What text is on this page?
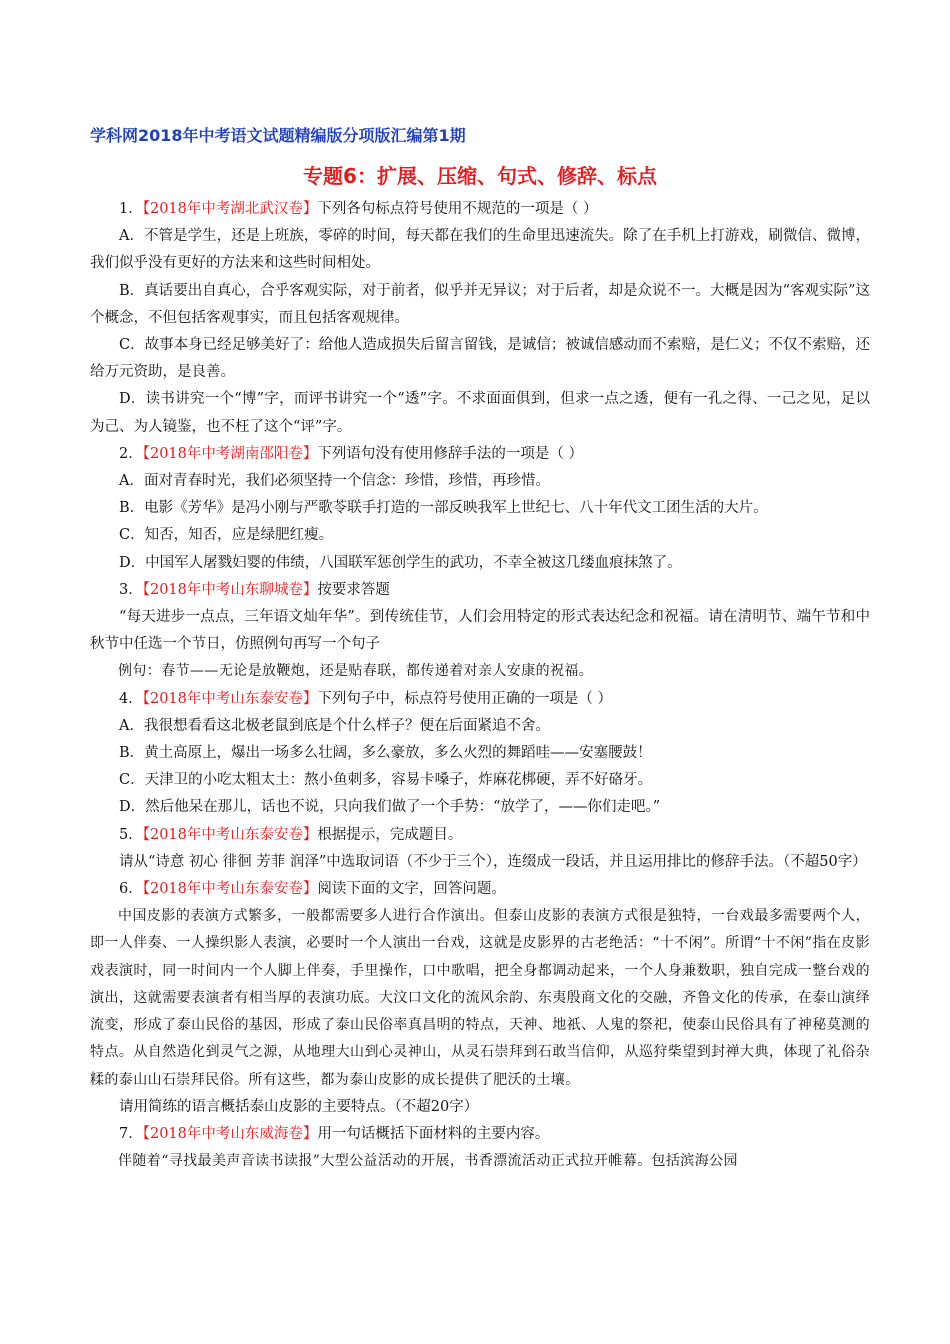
学科网2018年中考语文试题精编版分项版汇编第1期
专题6：扩展、压缩、句式、修辞、标点

1．【2018年中考湖北武汉卷】下列各句标点符号使用不规范的一项是（ ）

A．不管是学生，还是上班族，零碎的时间，每天都在我们的生命里迅速流失。除了在手机上打游戏，刷微信、微博，我们似乎没有更好的方法来和这些时间相处。

B．真话要出自真心，合乎客观实际，对于前者，似乎并无异议；对于后者，却是众说不一。大概是因为“客观实际”这个概念，不但包括客观事实，而且包括客观规律。

C．故事本身已经足够美好了：给他人造成损失后留言留钱，是诚信；被诚信感动而不索赔，是仁义；不仅不索赔，还给万元资助，是良善。

D．读书讲究一个“博”字，而评书讲究一个“透”字。不求面面俱到，但求一点之透，便有一孔之得、一己之见，足以为己、为人镜鉴，也不枉了这个“评”字。

2．【2018年中考湖南邵阳卷】下列语句没有使用修辞手法的一项是（ ）

A．面对青春时光，我们必须坚持一个信念：珍惜，珍惜，再珍惜。

B．电影《芳华》是冯小刚与严歌苓联手打造的一部反映我军上世纪七、八十年代文工团生活的大片。

C．知否，知否，应是绿肥红瘦。

D．中国军人屠戮妇婴的伟绩，八国联军惩创学生的武功，不幸全被这几缕血痕抹煞了。

3．【2018年中考山东聊城卷】按要求答题

“每天进步一点点，三年语文灿年华”。到传统佳节，人们会用特定的形式表达纪念和祝福。请在清明节、端午节和中秋节中任选一个节日，仿照例句再写一个句子

例句：春节——无论是放鞭炮，还是贴春联，都传递着对亲人安康的祝福。

4．【2018年中考山东泰安卷】下列句子中，标点符号使用正确的一项是（ ）

A．我很想看看这北极老鼠到底是个什么样子？便在后面紧追不舍。

B．黄土高原上，爆出一场多么壮阔，多么豪放，多么火烈的舞蹈哇——安塞腰鼓！

C．天津卫的小吃太粗太土：熬小鱼刺多，容易卡嗓子，炸麻花梆硬，弄不好硌牙。

D．然后他呆在那儿，话也不说，只向我们做了一个手势：“放学了，——你们走吧。”

5．【2018年中考山东泰安卷】根据提示，完成题目。

请从“诗意 初心 徘徊 芳菲 润泽”中选取词语（不少于三个），连缀成一段话，并且运用排比的修辞手法。（不超50字）

6．【2018年中考山东泰安卷】阅读下面的文字，回答问题。

中国皮影的表演方式繁多，一般都需要多人进行合作演出。但泰山皮影的表演方式很是独特，一台戏最多需要两个人，即一人伴奏、一人操织影人表演，必要时一个人演出一台戏，这就是皮影界的古老绝活：“十不闲”。所谓“十不闲”指在皮影戏表演时，同一时间内一个人脚上伴奏，手里操作，口中歌唱，把全身都调动起来，一个人身兼数职，独自完成一整台戏的演出，这就需要表演者有相当厚的表演功底。大汶口文化的流风余韵、东夷殷商文化的交融，齐鲁文化的传承，在泰山演绎流变，形成了泰山民俗的基因，形成了泰山民俗率真昌明的特点，天神、地祇、人鬼的祭祀，使泰山民俗具有了神秘莫测的特点。从自然造化到灵气之源，从地理大山到心灵神山，从灵石崇拜到石敢当信仰，从巡狩柴望到封禅大典，体现了礼俗杂糅的泰山山石崇拜民俗。所有这些，都为泰山皮影的成长提供了肥沃的土壤。

请用简练的语言概括泰山皮影的主要特点。（不超20字）

7．【2018年中考山东威海卷】用一句话概括下面材料的主要内容。

伴随着“寻找最美声音读书读报”大型公益活动的开展，书香漂流活动正式拉开帷幕。包括滨海公园
